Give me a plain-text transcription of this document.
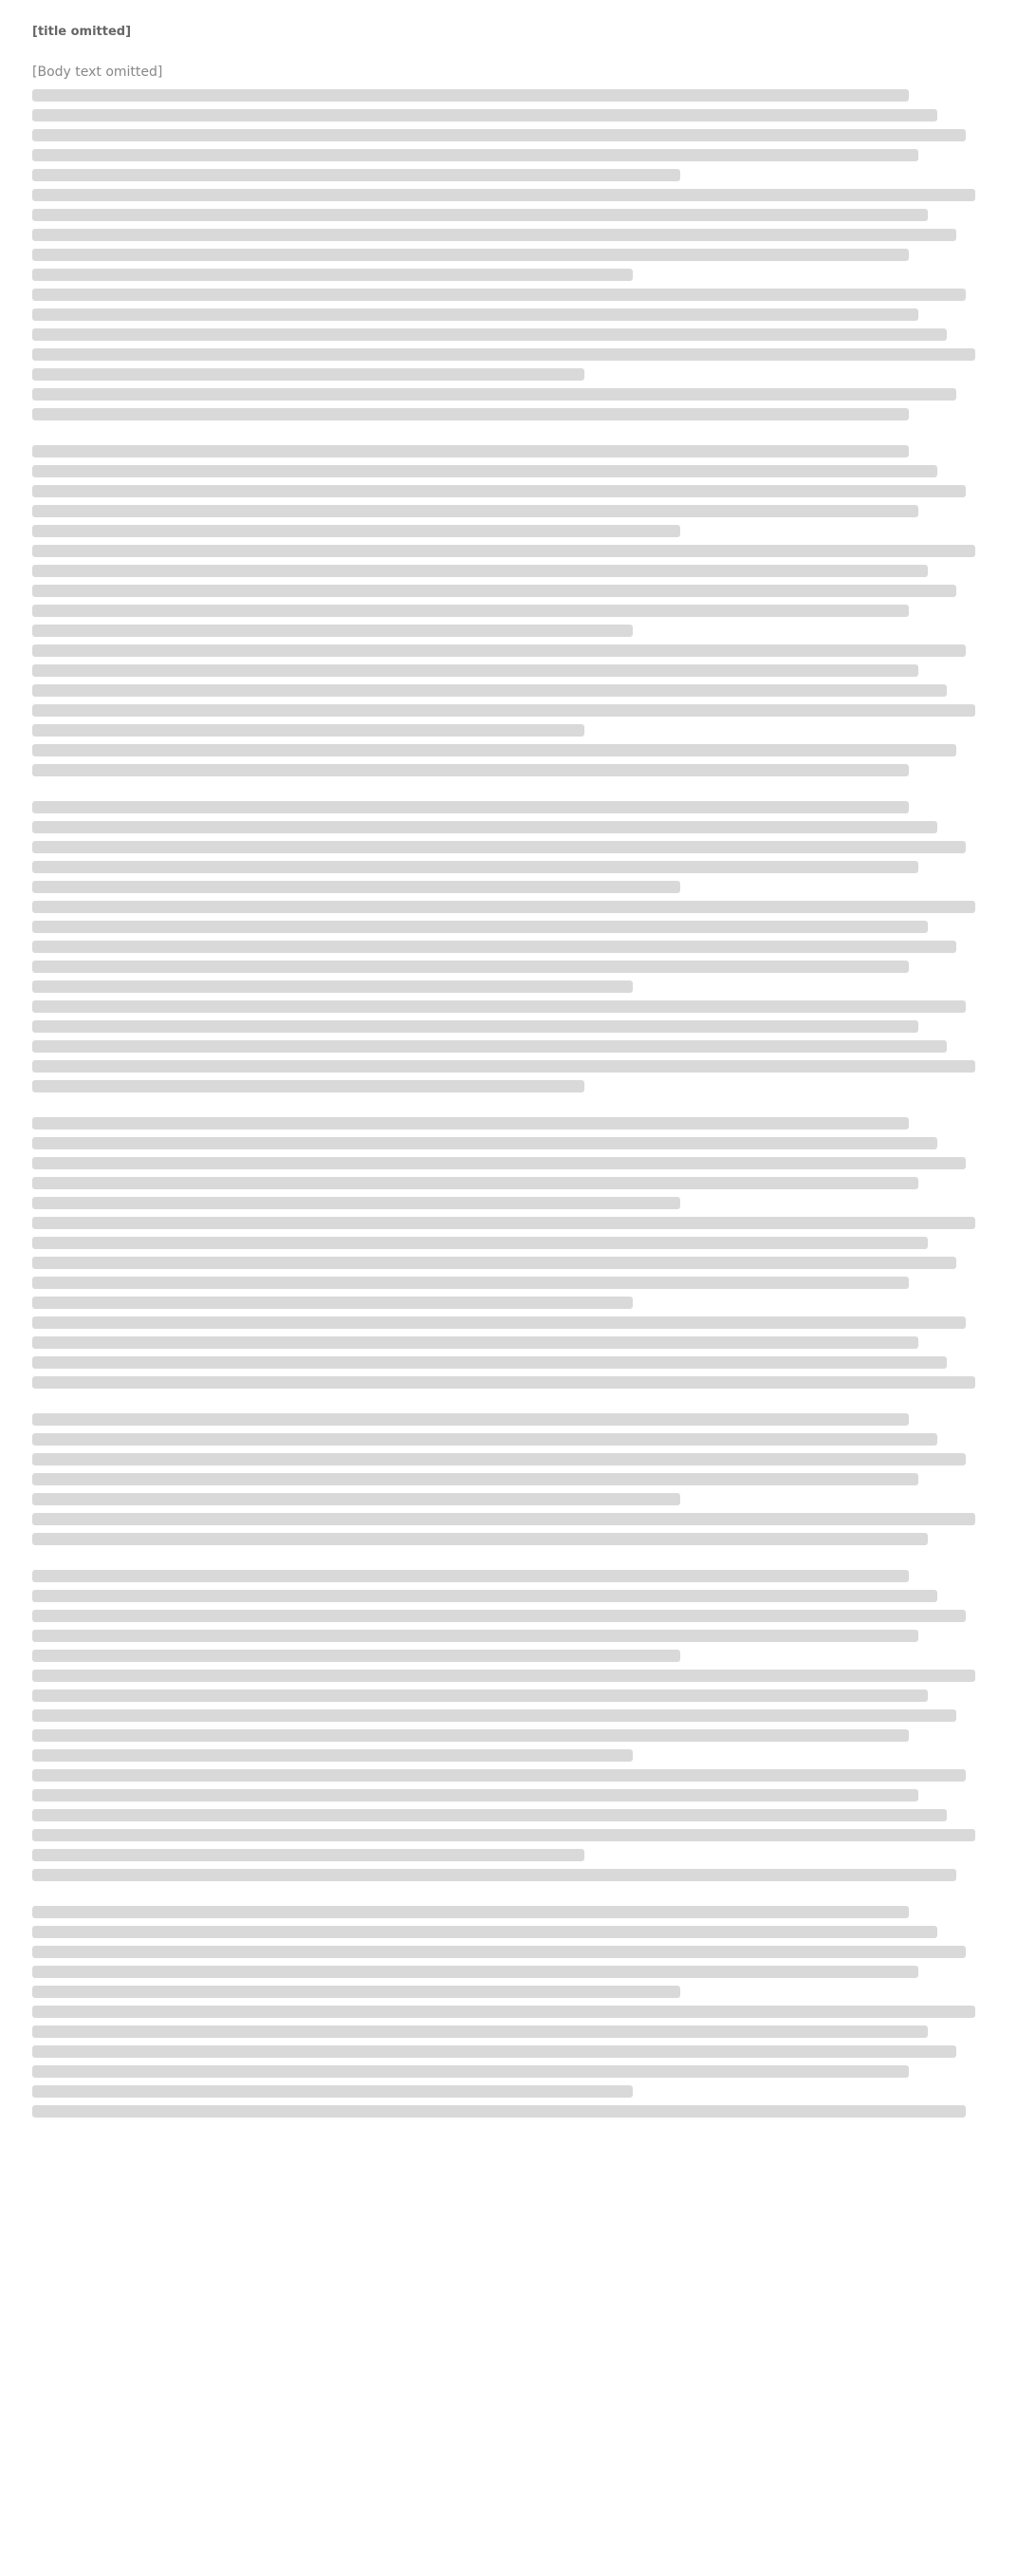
[title omitted]

[Body text omitted]
